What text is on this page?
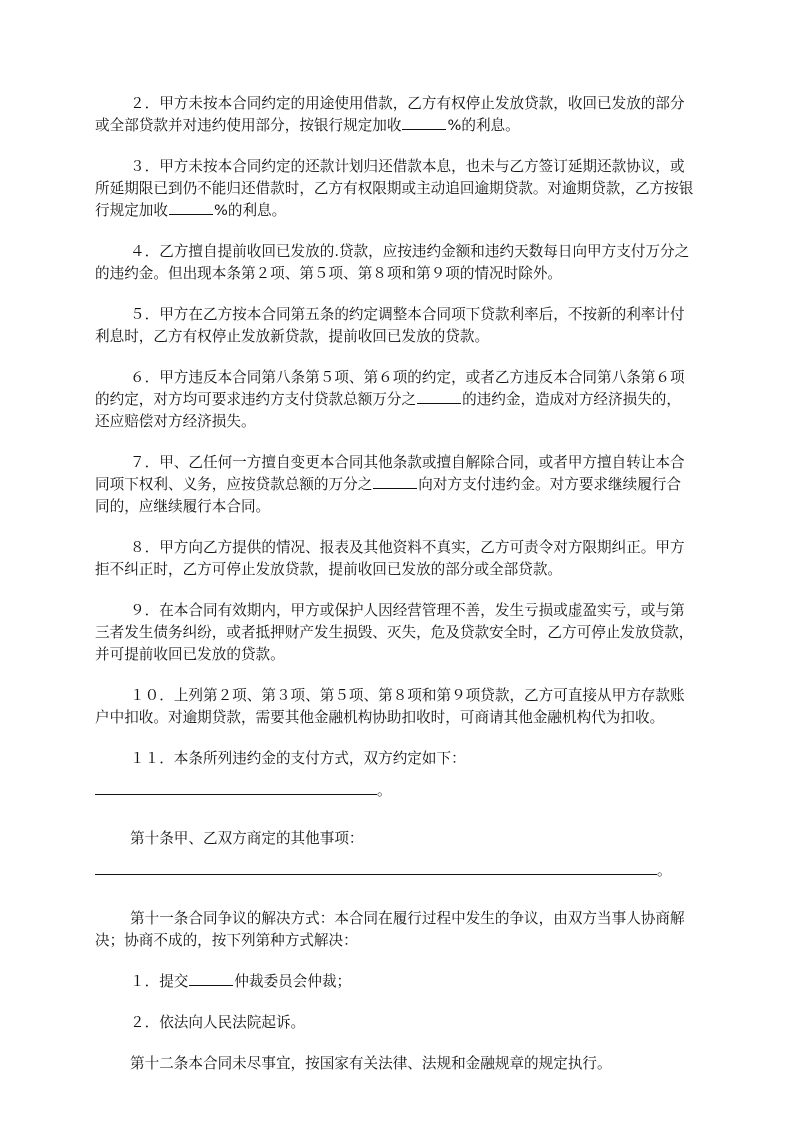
２．甲方未按本合同约定的用途使用借款，乙方有权停止发放贷款，收回已发放的部分或全部贷款并对违约使用部分，按银行规定加收	%的利息。

３．甲方未按本合同约定的还款计划归还借款本息，也未与乙方签订延期还款协议，或所延期限已到仍不能归还借款时，乙方有权限期或主动追回逾期贷款。对逾期贷款，乙方按银行规定加收	%的利息。

４．乙方擅自提前收回已发放的.贷款，应按违约金额和违约天数每日向甲方支付万分之的违约金。但出现本条第２项、第５项、第８项和第９项的情况时除外。

５．甲方在乙方按本合同第五条的约定调整本合同项下贷款利率后，不按新的利率计付利息时，乙方有权停止发放新贷款，提前收回已发放的贷款。

６．甲方违反本合同第八条第５项、第６项的约定，或者乙方违反本合同第八条第６项的约定，对方均可要求违约方支付贷款总额万分之	的违约金，造成对方经济损失的，还应赔偿对方经济损失。

７．甲、乙任何一方擅自变更本合同其他条款或擅自解除合同，或者甲方擅自转让本合同项下权利、义务，应按贷款总额的万分之	向对方支付违约金。对方要求继续履行合同的，应继续履行本合同。

８．甲方向乙方提供的情况、报表及其他资料不真实，乙方可责令对方限期纠正。甲方拒不纠正时，乙方可停止发放贷款，提前收回已发放的部分或全部贷款。

９．在本合同有效期内，甲方或保护人因经营管理不善，发生亏损或虚盈实亏，或与第三者发生债务纠纷，或者抵押财产发生损毁、灭失，危及贷款安全时，乙方可停止发放贷款，并可提前收回已发放的贷款。

１０．上列第２项、第３项、第５项、第８项和第９项贷款，乙方可直接从甲方存款账户中扣收。对逾期贷款，需要其他金融机构协助扣收时，可商请其他金融机构代为扣收。

１１．本条所列违约金的支付方式，双方约定如下：

。

第十条甲、乙双方商定的其他事项：

。

第十一条合同争议的解决方式：本合同在履行过程中发生的争议，由双方当事人协商解决；协商不成的，按下列第种方式解决：

１．提交	仲裁委员会仲裁；

２．依法向人民法院起诉。

第十二条本合同未尽事宜，按国家有关法律、法规和金融规章的规定执行。
